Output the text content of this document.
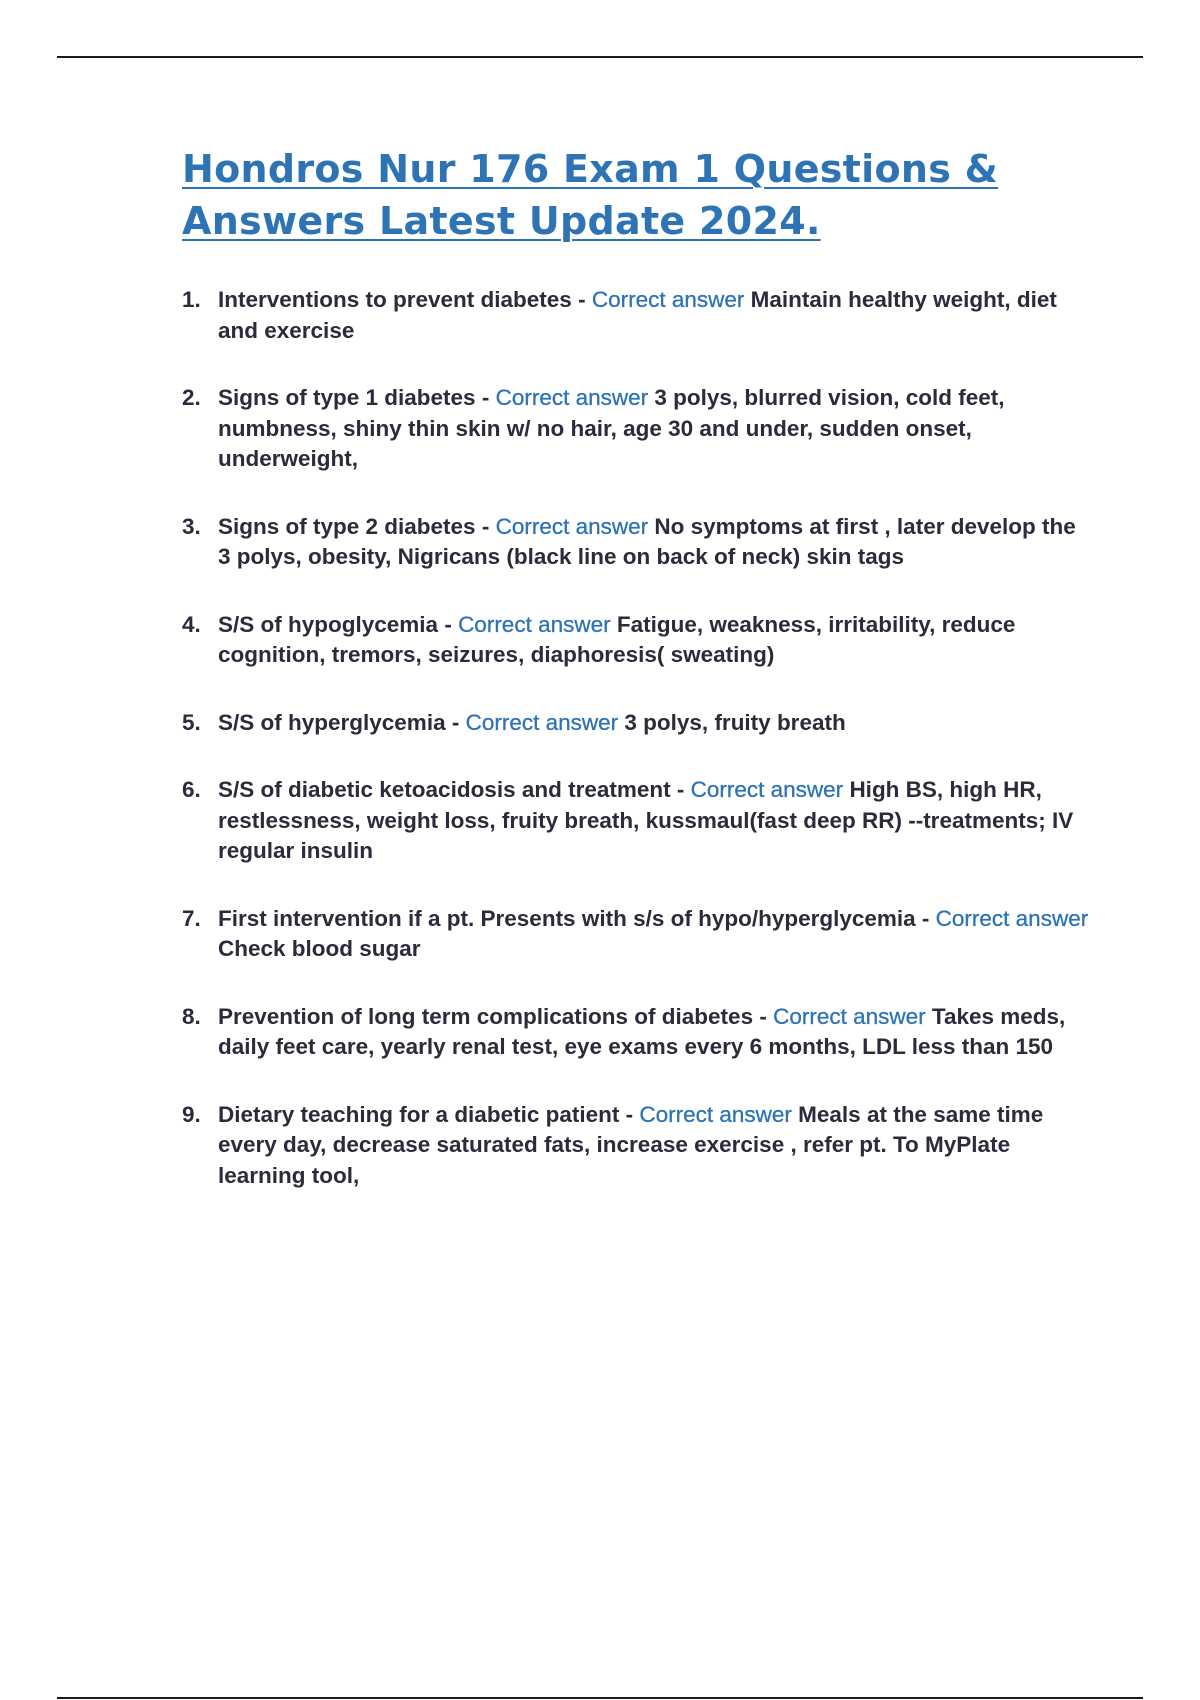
Hondros Nur 176 Exam 1 Questions & Answers Latest Update 2024.
1. Interventions to prevent diabetes - Correct answer Maintain healthy weight, diet and exercise
2. Signs of type 1 diabetes - Correct answer 3 polys, blurred vision, cold feet, numbness, shiny thin skin w/ no hair, age 30 and under, sudden onset, underweight,
3. Signs of type 2 diabetes - Correct answer No symptoms at first , later develop the 3 polys, obesity, Nigricans (black line on back of neck) skin tags
4. S/S of hypoglycemia - Correct answer Fatigue, weakness, irritability, reduce cognition, tremors, seizures, diaphoresis( sweating)
5. S/S of hyperglycemia - Correct answer 3 polys, fruity breath
6. S/S of diabetic ketoacidosis and treatment - Correct answer High BS, high HR, restlessness, weight loss, fruity breath, kussmaul(fast deep RR) --treatments; IV regular insulin
7. First intervention if a pt. Presents with s/s of hypo/hyperglycemia - Correct answer Check blood sugar
8. Prevention of long term complications of diabetes - Correct answer Takes meds, daily feet care, yearly renal test, eye exams every 6 months, LDL less than 150
9. Dietary teaching for a diabetic patient - Correct answer Meals at the same time every day, decrease saturated fats, increase exercise , refer pt. To MyPlate learning tool,
